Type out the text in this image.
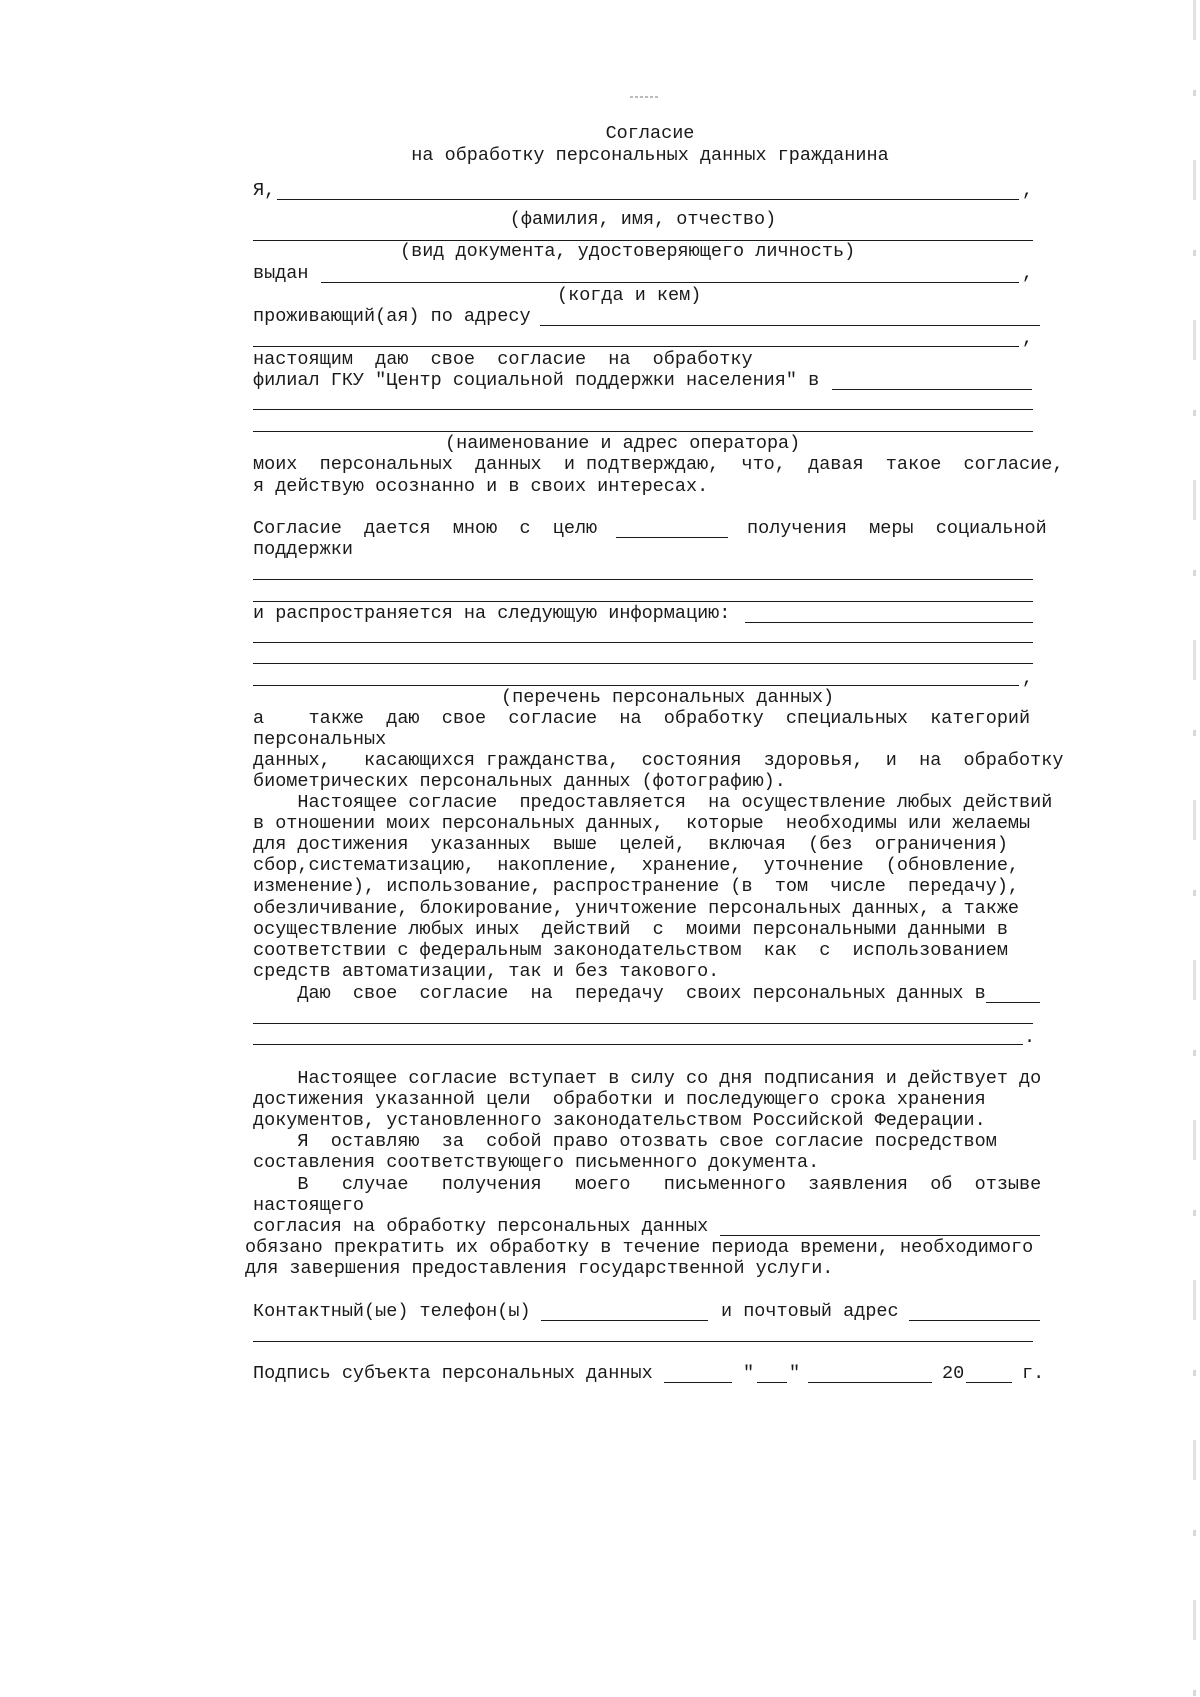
Согласие
на обработку персональных данных гражданина
Я,	,
(фамилия, имя, отчество)
(вид документа, удостоверяющего личность)
выдан	,
(когда и кем)
проживающий(ая) по адресу
,
настоящим  даю  свое  согласие  на  обработку
филиал ГКУ "Центр социальной поддержки населения" в
(наименование и адрес оператора)
моих  персональных  данных  и подтверждаю,  что,  давая  такое  согласие,
я действую осознанно и в своих интересах.
Согласие  дается  мною  с  целю	получения  меры  социальной
поддержки
и распространяется на следующую информацию:
,
(перечень персональных данных)
а    также  даю  свое  согласие  на  обработку  специальных  категорий
персональных
данных,   касающихся гражданства,  состояния  здоровья,  и  на  обработку
биометрических персональных данных (фотографию).
Настоящее согласие  предоставляется  на осуществление любых действий
в отношении моих персональных данных,  которые  необходимы или желаемы
для достижения  указанных  выше  целей,  включая  (без  ограничения)
сбор,систематизацию,  накопление,  хранение,  уточнение  (обновление,
изменение), использование, распространение (в  том  числе  передачу),
обезличивание, блокирование, уничтожение персональных данных, а также
осуществление любых иных  действий  с  моими персональными данными в
соответствии с федеральным законодательством  как  с  использованием
средств автоматизации, так и без такового.
Даю  свое  согласие  на  передачу  своих персональных данных в
.
Настоящее согласие вступает в силу со дня подписания и действует до
достижения указанной цели  обработки и последующего срока хранения
документов, установленного законодательством Российской Федерации.
Я  оставляю  за  собой право отозвать свое согласие посредством
составления соответствующего письменного документа.
В   случае   получения   моего   письменного  заявления  об  отзыве
настоящего
согласия на обработку персональных данных
обязано прекратить их обработку в течение периода времени, необходимого
для завершения предоставления государственной услуги.
Контактный(ые) телефон(ы)	и почтовый адрес
Подпись субъекта персональных данных	" "	20	г.
